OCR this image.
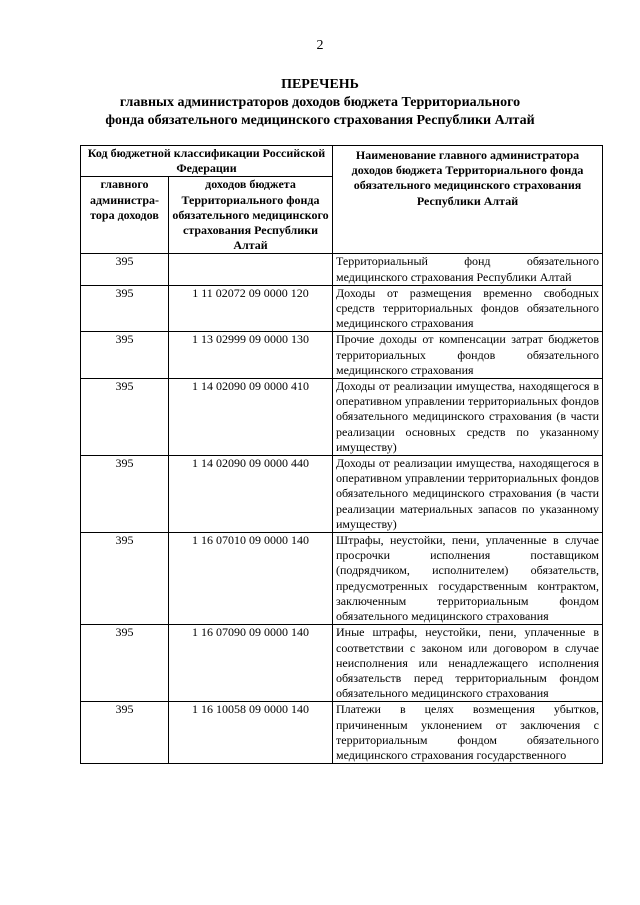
2
ПЕРЕЧЕНЬ
главных администраторов доходов бюджета Территориального
фонда обязательного медицинского страхования Республики Алтай
Код бюджетной классификации Российской Федерации		Наименование главного администратора доходов бюджета Территориального фонда обязательного медицинского страхования Республики Алтай
главного администра-тора доходов	доходов бюджета Территориального фонда обязательного медицинского страхования Республики Алтай	
395		Территориальный фонд обязательного медицинского страхования Республики Алтай
395	1 11 02072 09 0000 120	Доходы от размещения временно свободных средств территориальных фондов обязательного медицинского страхования
395	1 13 02999 09 0000 130	Прочие доходы от компенсации затрат бюджетов территориальных фондов обязательного медицинского страхования
395	1 14 02090 09 0000 410	Доходы от реализации имущества, находящегося в оперативном управлении территориальных фондов обязательного медицинского страхования (в части реализации основных средств по указанному имуществу)
395	1 14 02090 09 0000 440	Доходы от реализации имущества, находящегося в оперативном управлении территориальных фондов обязательного медицинского страхования (в части реализации материальных запасов по указанному имуществу)
395	1 16 07010 09 0000 140	Штрафы, неустойки, пени, уплаченные в случае просрочки исполнения поставщиком (подрядчиком, исполнителем) обязательств, предусмотренных государственным контрактом, заключенным территориальным фондом обязательного медицинского страхования
395	1 16 07090 09 0000 140	Иные штрафы, неустойки, пени, уплаченные в соответствии с законом или договором в случае неисполнения или ненадлежащего исполнения обязательств перед территориальным фондом обязательного медицинского страхования
395	1 16 10058 09 0000 140	Платежи в целях возмещения убытков, причиненным уклонением от заключения с территориальным фондом обязательного медицинского страхования государственного
